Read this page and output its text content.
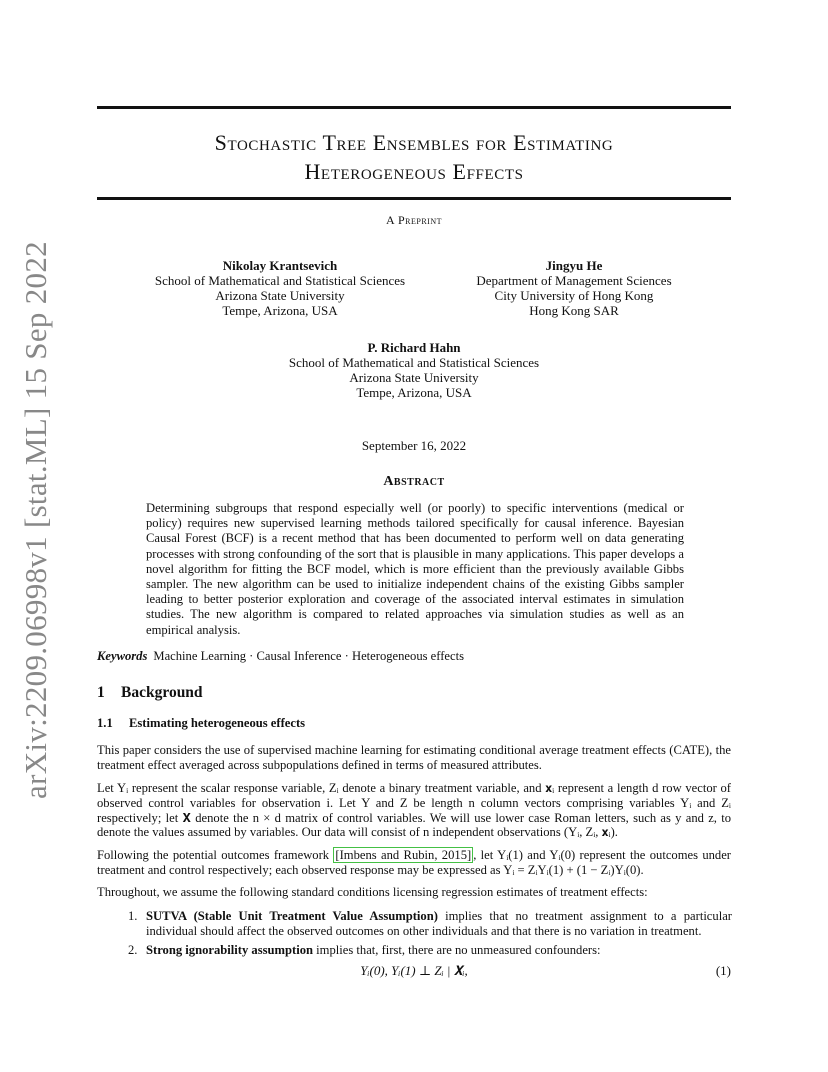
arXiv:2209.06998v1 [stat.ML] 15 Sep 2022
Stochastic Tree Ensembles for Estimating
Heterogeneous Effects
A Preprint
Nikolay Krantsevich
School of Mathematical and Statistical Sciences
Arizona State University
Tempe, Arizona, USA
Jingyu He
Department of Management Sciences
City University of Hong Kong
Hong Kong SAR
P. Richard Hahn
School of Mathematical and Statistical Sciences
Arizona State University
Tempe, Arizona, USA
September 16, 2022
Abstract
Determining subgroups that respond especially well (or poorly) to specific interventions (medical or policy) requires new supervised learning methods tailored specifically for causal inference. Bayesian Causal Forest (BCF) is a recent method that has been documented to perform well on data generating processes with strong confounding of the sort that is plausible in many applications. This paper develops a novel algorithm for fitting the BCF model, which is more efficient than the previously available Gibbs sampler. The new algorithm can be used to initialize independent chains of the existing Gibbs sampler leading to better posterior exploration and coverage of the associated interval estimates in simulation studies. The new algorithm is compared to related approaches via simulation studies as well as an empirical analysis.
Keywords Machine Learning · Causal Inference · Heterogeneous effects
1 Background
1.1 Estimating heterogeneous effects
This paper considers the use of supervised machine learning for estimating conditional average treatment effects (CATE), the treatment effect averaged across subpopulations defined in terms of measured attributes.
Let Yᵢ represent the scalar response variable, Zᵢ denote a binary treatment variable, and 𝐱ᵢ represent a length d row vector of observed control variables for observation i. Let Y and Z be length n column vectors comprising variables Yᵢ and Zᵢ respectively; let 𝐗 denote the n × d matrix of control variables. We will use lower case Roman letters, such as y and z, to denote the values assumed by variables. Our data will consist of n independent observations (Yᵢ, Zᵢ, 𝐱ᵢ).
Following the potential outcomes framework [Imbens and Rubin, 2015] , let Yᵢ(1) and Yᵢ(0) represent the outcomes under treatment and control respectively; each observed response may be expressed as Yᵢ = ZᵢYᵢ(1) + (1 − Zᵢ)Yᵢ(0).
Throughout, we assume the following standard conditions licensing regression estimates of treatment effects:
1. SUTVA (Stable Unit Treatment Value Assumption) implies that no treatment assignment to a particular individual should affect the observed outcomes on other individuals and that there is no variation in treatment.
2. Strong ignorability assumption implies that, first, there are no unmeasured confounders:
Yᵢ(0), Yᵢ(1) ⊥ Zᵢ | 𝐗ᵢ,	(1)
